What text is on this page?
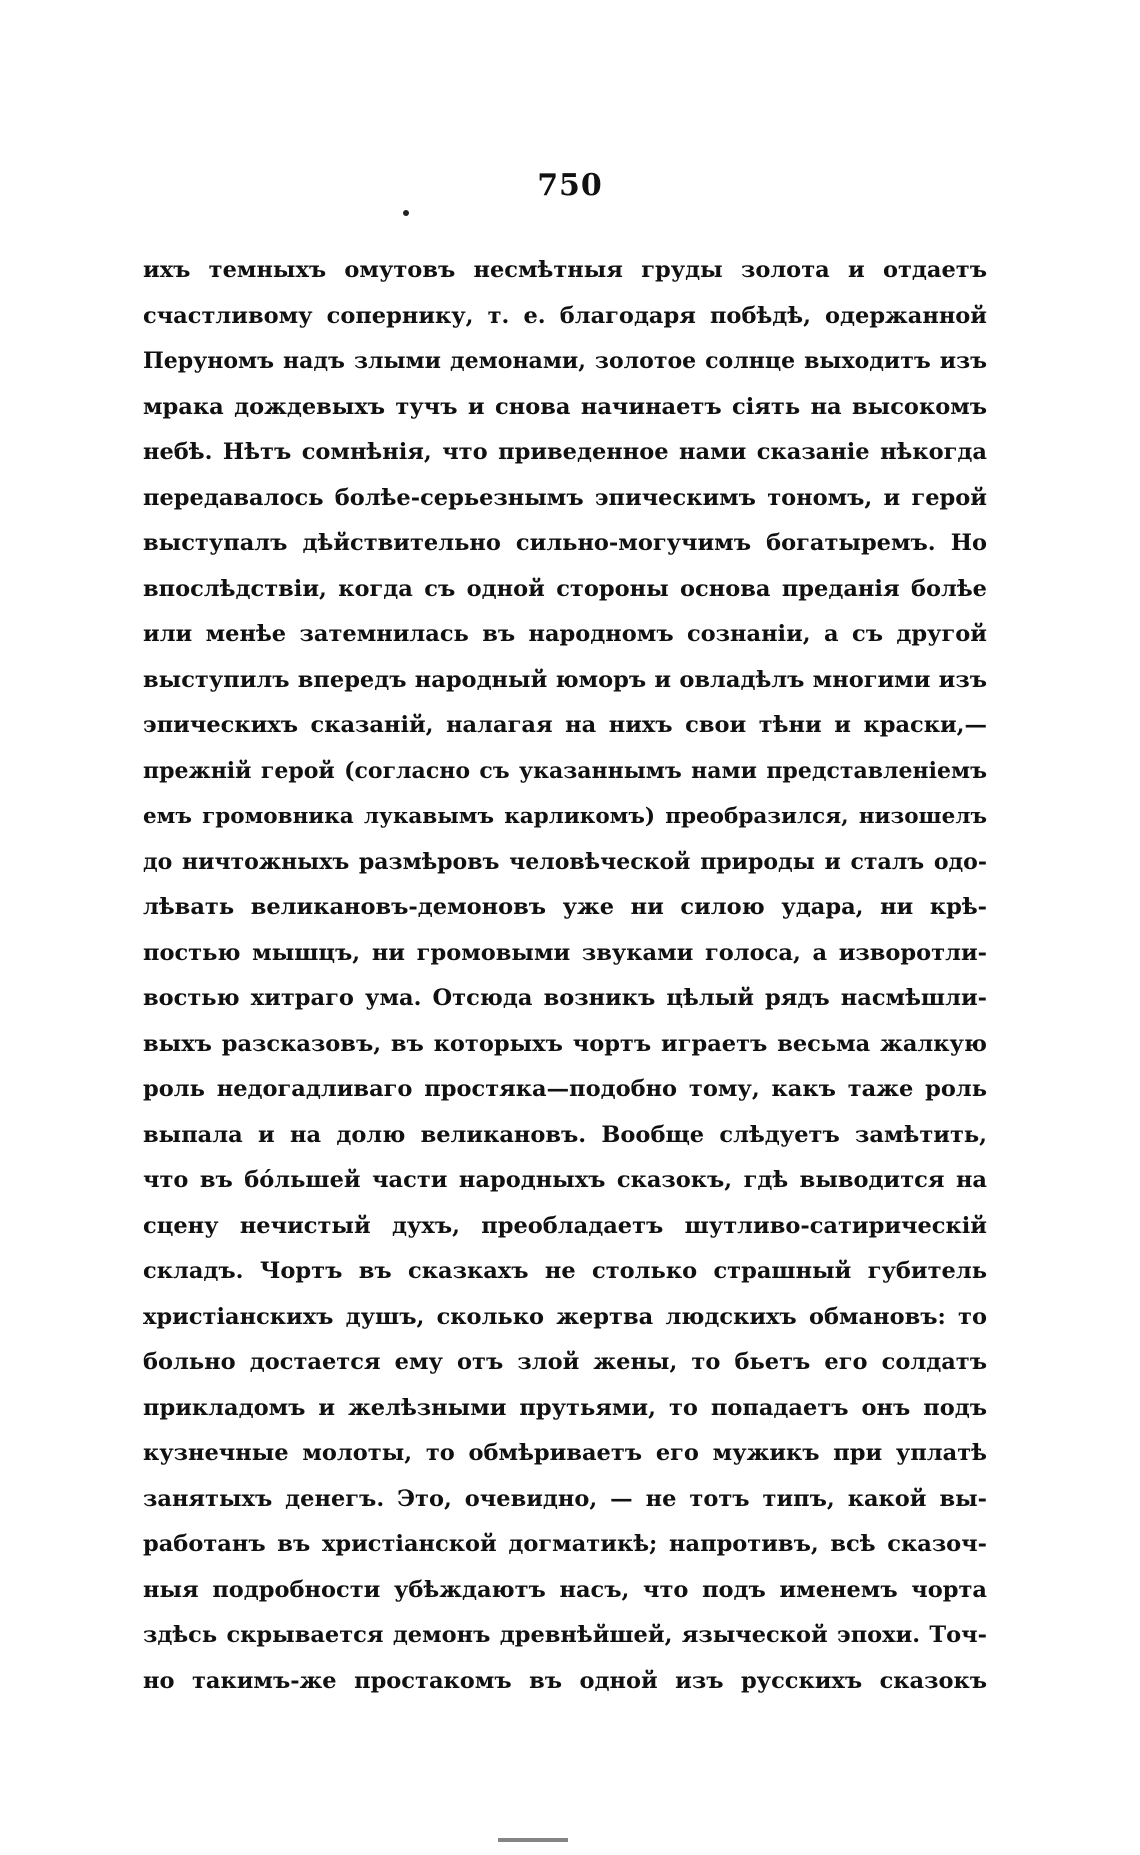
750
ихъ темныхъ омутовъ несмѣтныя груды золота и отдаетъ
счастливому сопернику, т. е. благодаря побѣдѣ, одержанной
Перуномъ надъ злыми демонами, золотое солнце выходитъ изъ
мрака дождевыхъ тучъ и снова начинаетъ сіять на высокомъ
небѣ. Нѣтъ сомнѣнія, что приведенное нами сказаніе нѣкогда
передавалось болѣе-серьезнымъ эпическимъ тономъ, и герой
выступалъ дѣйствительно сильно-могучимъ богатыремъ. Но
впослѣдствіи, когда съ одной стороны основа преданія болѣе
или менѣе затемнилась въ народномъ сознаніи, а съ другой
выступилъ впередъ народный юморъ и овладѣлъ многими изъ
эпическихъ сказаній, налагая на нихъ свои тѣни и краски,—
прежній герой (согласно съ указаннымъ нами представленіемъ
емъ громовника лукавымъ карликомъ) преобразился, низошелъ
до ничтожныхъ размѣровъ человѣческой природы и сталъ одо-
лѣвать великановъ-демоновъ уже ни силою удара, ни крѣ-
постью мышцъ, ни громовыми звуками голоса, а изворотли-
востью хитраго ума. Отсюда возникъ цѣлый рядъ насмѣшли-
выхъ разсказовъ, въ которыхъ чортъ играетъ весьма жалкую
роль недогадливаго простяка—подобно тому, какъ таже роль
выпала и на долю великановъ. Вообще слѣдуетъ замѣтить,
что въ бóльшей части народныхъ сказокъ, гдѣ выводится на
сцену нечистый духъ, преобладаетъ шутливо-сатирическій
складъ. Чортъ въ сказкахъ не столько страшный губитель
христіанскихъ душъ, сколько жертва людскихъ обмановъ: то
больно достается ему отъ злой жены, то бьетъ его солдатъ
прикладомъ и желѣзными прутьями, то попадаетъ онъ подъ
кузнечные молоты, то обмѣриваетъ его мужикъ при уплатѣ
занятыхъ денегъ. Это, очевидно, — не тотъ типъ, какой вы-
работанъ въ христіанской догматикѣ; напротивъ, всѣ сказоч-
ныя подробности убѣждаютъ насъ, что подъ именемъ чорта
здѣсь скрывается демонъ древнѣйшей, языческой эпохи. Точ-
но такимъ-же простакомъ въ одной изъ русскихъ сказокъ
